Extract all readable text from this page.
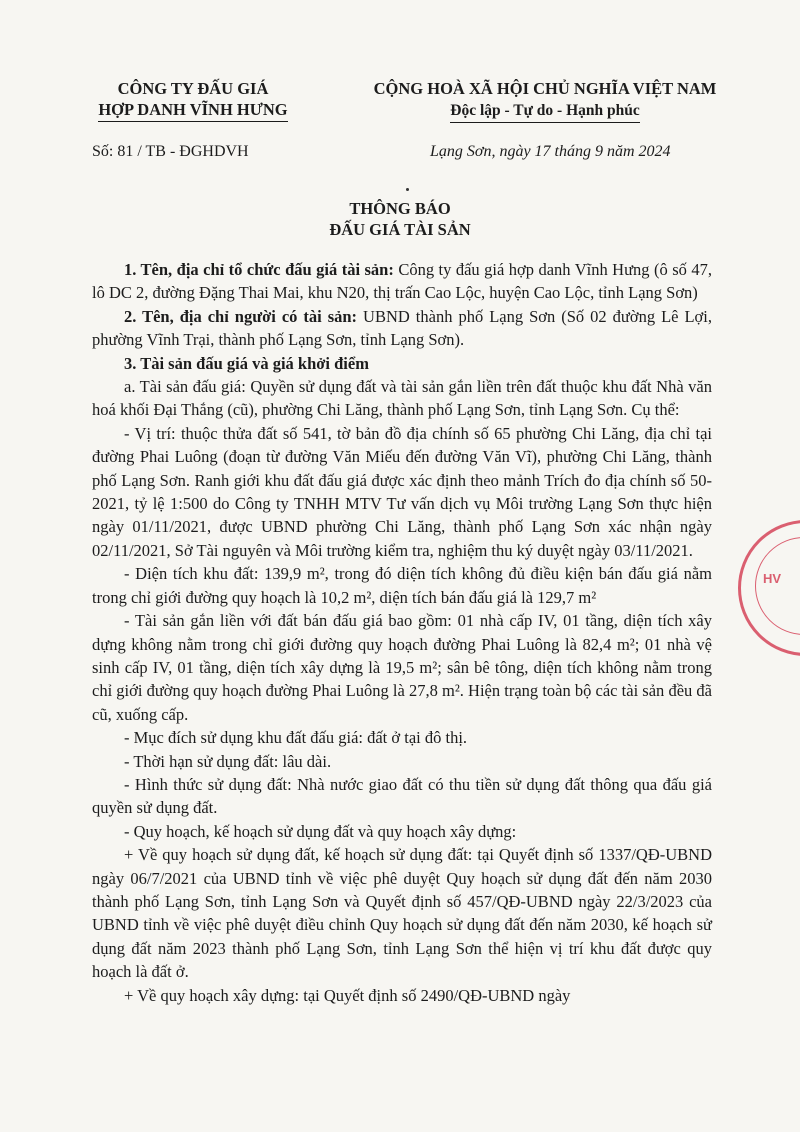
CÔNG TY ĐẤU GIÁ
HỢP DANH VĨNH HƯNG
CỘNG HOÀ XÃ HỘI CHỦ NGHĨA VIỆT NAM
Độc lập - Tự do - Hạnh phúc
Số: 81 / TB - ĐGHDVH	Lạng Sơn, ngày 17 tháng 9 năm 2024
THÔNG BÁO
ĐẤU GIÁ TÀI SẢN

1. Tên, địa chỉ tổ chức đấu giá tài sản: Công ty đấu giá hợp danh Vĩnh Hưng (ô số 47, lô DC 2, đường Đặng Thai Mai, khu N20, thị trấn Cao Lộc, huyện Cao Lộc, tỉnh Lạng Sơn)

2. Tên, địa chỉ người có tài sản: UBND thành phố Lạng Sơn (Số 02 đường Lê Lợi, phường Vĩnh Trại, thành phố Lạng Sơn, tỉnh Lạng Sơn).

3. Tài sản đấu giá và giá khởi điểm

a. Tài sản đấu giá: Quyền sử dụng đất và tài sản gắn liền trên đất thuộc khu đất Nhà văn hoá khối Đại Thắng (cũ), phường Chi Lăng, thành phố Lạng Sơn, tỉnh Lạng Sơn. Cụ thể:

- Vị trí: thuộc thửa đất số 541, tờ bản đồ địa chính số 65 phường Chi Lăng, địa chỉ tại đường Phai Luông (đoạn từ đường Văn Miếu đến đường Văn Vĩ), phường Chi Lăng, thành phố Lạng Sơn. Ranh giới khu đất đấu giá được xác định theo mảnh Trích đo địa chính số 50-2021, tỷ lệ 1:500 do Công ty TNHH MTV Tư vấn dịch vụ Môi trường Lạng Sơn thực hiện ngày 01/11/2021, được UBND phường Chi Lăng, thành phố Lạng Sơn xác nhận ngày 02/11/2021, Sở Tài nguyên và Môi trường kiểm tra, nghiệm thu ký duyệt ngày 03/11/2021.

- Diện tích khu đất: 139,9 m², trong đó diện tích không đủ điều kiện bán đấu giá nằm trong chỉ giới đường quy hoạch là 10,2 m², diện tích bán đấu giá là 129,7 m²

- Tài sản gắn liền với đất bán đấu giá bao gồm: 01 nhà cấp IV, 01 tầng, diện tích xây dựng không nằm trong chỉ giới đường quy hoạch đường Phai Luông là 82,4 m²; 01 nhà vệ sinh cấp IV, 01 tầng, diện tích xây dựng là 19,5 m²; sân bê tông, diện tích không nằm trong chỉ giới đường quy hoạch đường Phai Luông là 27,8 m². Hiện trạng toàn bộ các tài sản đều đã cũ, xuống cấp.

- Mục đích sử dụng khu đất đấu giá: đất ở tại đô thị.

- Thời hạn sử dụng đất: lâu dài.

- Hình thức sử dụng đất: Nhà nước giao đất có thu tiền sử dụng đất thông qua đấu giá quyền sử dụng đất.

- Quy hoạch, kế hoạch sử dụng đất và quy hoạch xây dựng:

+ Về quy hoạch sử dụng đất, kế hoạch sử dụng đất: tại Quyết định số 1337/QĐ-UBND ngày 06/7/2021 của UBND tỉnh về việc phê duyệt Quy hoạch sử dụng đất đến năm 2030 thành phố Lạng Sơn, tỉnh Lạng Sơn và Quyết định số 457/QĐ-UBND ngày 22/3/2023 của UBND tỉnh về việc phê duyệt điều chỉnh Quy hoạch sử dụng đất đến năm 2030, kế hoạch sử dụng đất năm 2023 thành phố Lạng Sơn, tỉnh Lạng Sơn thể hiện vị trí khu đất được quy hoạch là đất ở.

+ Về quy hoạch xây dựng: tại Quyết định số 2490/QĐ-UBND ngày

HV
